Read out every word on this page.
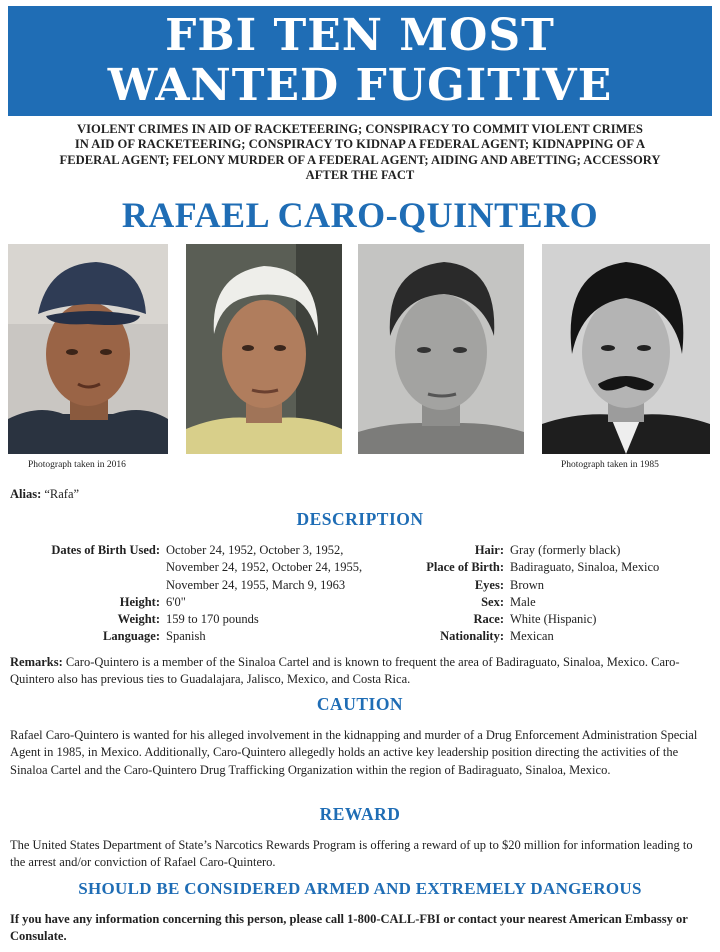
FBI TEN MOST
WANTED FUGITIVE
VIOLENT CRIMES IN AID OF RACKETEERING; CONSPIRACY TO COMMIT VIOLENT CRIMES
IN AID OF RACKETEERING; CONSPIRACY TO KIDNAP A FEDERAL AGENT; KIDNAPPING OF A
FEDERAL AGENT; FELONY MURDER OF A FEDERAL AGENT; AIDING AND ABETTING; ACCESSORY
AFTER THE FACT
RAFAEL CARO-QUINTERO
Photograph taken in 2016	Photograph taken in 1985
Alias: “Rafa”
DESCRIPTION
Dates of Birth Used: October 24, 1952, October 3, 1952,
November 24, 1952, October 24, 1955,
November 24, 1955, March 9, 1963
Height: 6'0"
Weight: 159 to 170 pounds
Language: Spanish
Hair: Gray (formerly black)
Place of Birth: Badiraguato, Sinaloa, Mexico
Eyes: Brown
Sex: Male
Race: White (Hispanic)
Nationality: Mexican
Remarks: Caro-Quintero is a member of the Sinaloa Cartel and is known to frequent the area of Badiraguato, Sinaloa, Mexico. Caro-Quintero also has previous ties to Guadalajara, Jalisco, Mexico, and Costa Rica.
CAUTION
Rafael Caro-Quintero is wanted for his alleged involvement in the kidnapping and murder of a Drug Enforcement Administration Special Agent in 1985, in Mexico. Additionally, Caro-Quintero allegedly holds an active key leadership position directing the activities of the Sinaloa Cartel and the Caro-Quintero Drug Trafficking Organization within the region of Badiraguato, Sinaloa, Mexico.
REWARD
The United States Department of State’s Narcotics Rewards Program is offering a reward of up to $20 million for information leading to the arrest and/or conviction of Rafael Caro-Quintero.
SHOULD BE CONSIDERED ARMED AND EXTREMELY DANGEROUS
If you have any information concerning this person, please call 1-800-CALL-FBI or contact your nearest American Embassy or Consulate.
